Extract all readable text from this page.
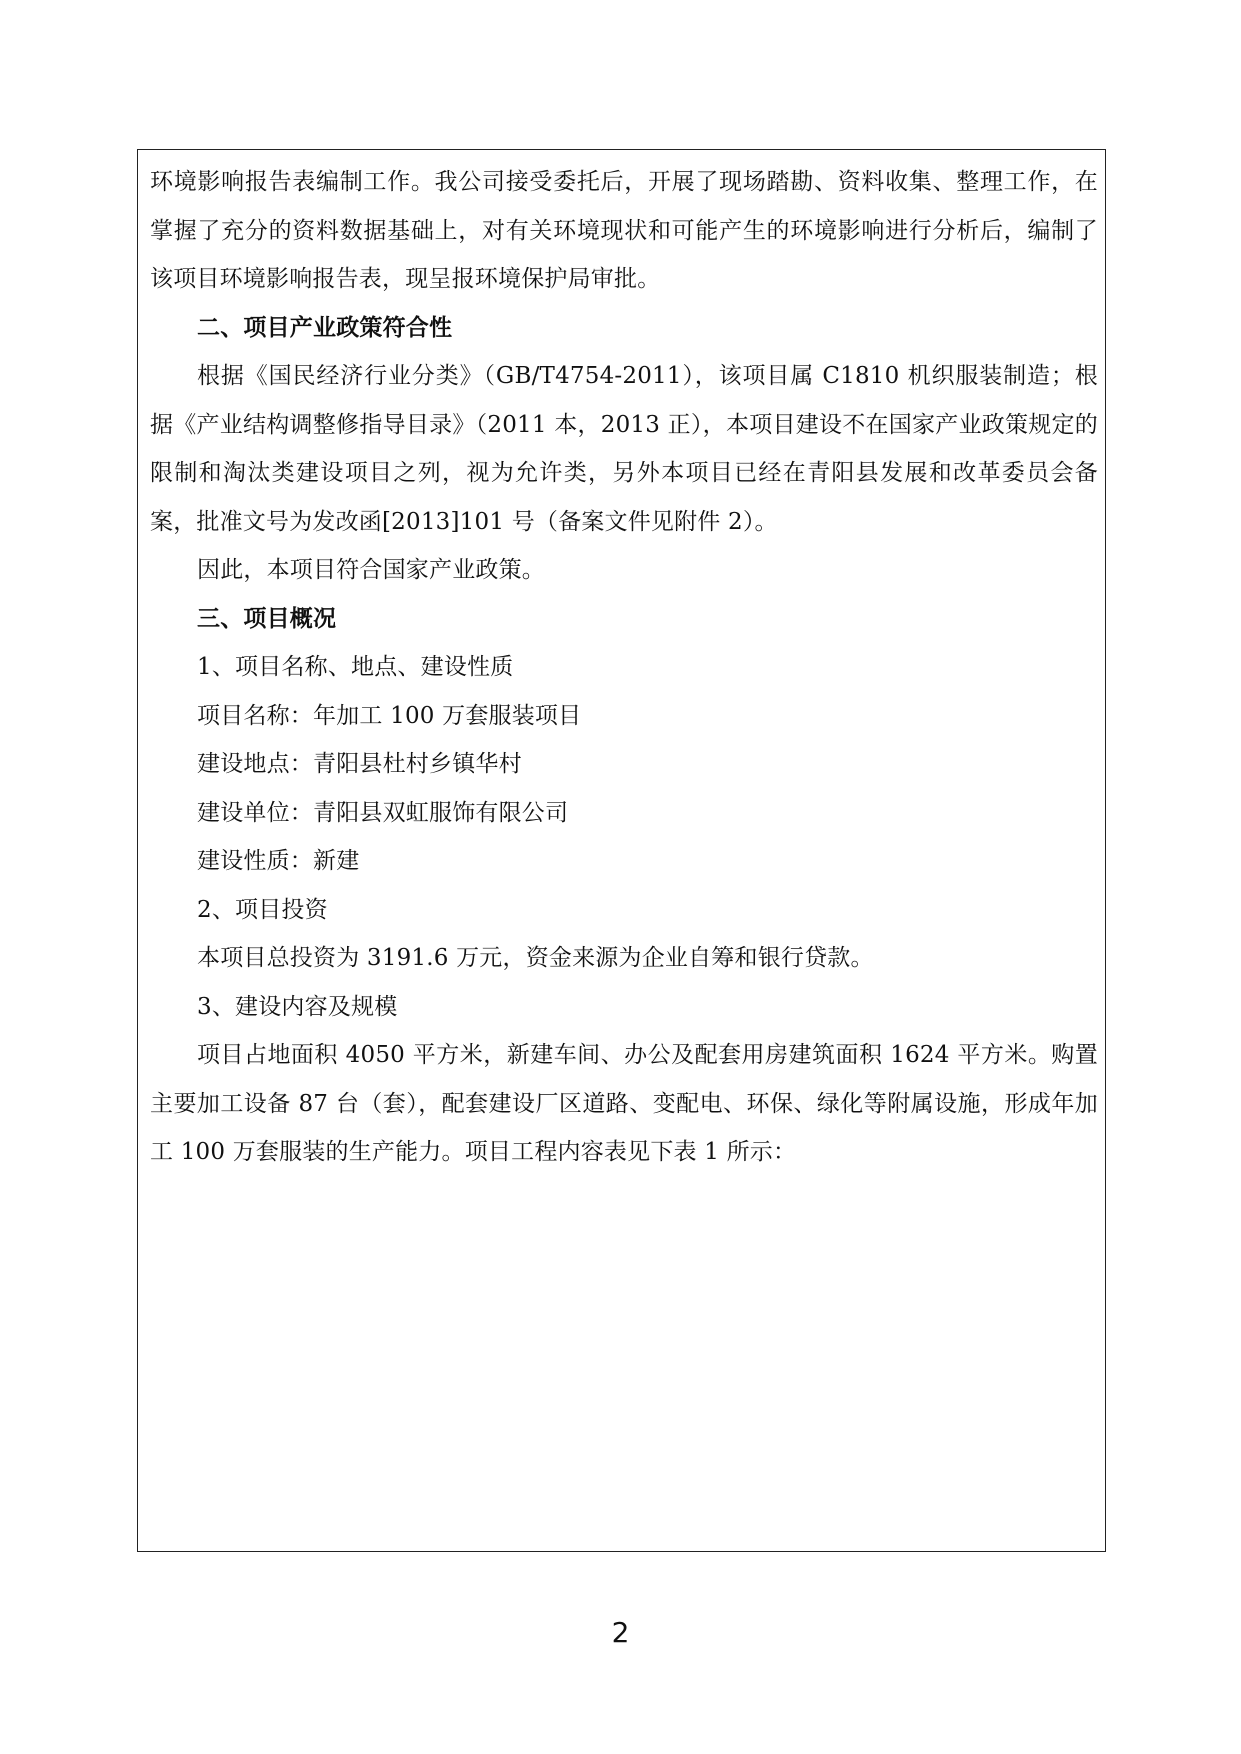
环境影响报告表编制工作。我公司接受委托后，开展了现场踏勘、资料收集、整理工作，在掌握了充分的资料数据基础上，对有关环境现状和可能产生的环境影响进行分析后，编制了该项目环境影响报告表，现呈报环境保护局审批。

二、项目产业政策符合性

根据《国民经济行业分类》（GB/T4754-2011），该项目属 C1810 机织服装制造；根据《产业结构调整修指导目录》（2011 本，2013 正），本项目建设不在国家产业政策规定的限制和淘汰类建设项目之列，视为允许类，另外本项目已经在青阳县发展和改革委员会备案，批准文号为发改函[2013]101 号（备案文件见附件 2）。

因此，本项目符合国家产业政策。

三、项目概况

1、项目名称、地点、建设性质

项目名称：年加工 100 万套服装项目

建设地点：青阳县杜村乡镇华村

建设单位：青阳县双虹服饰有限公司

建设性质：新建

2、项目投资

本项目总投资为 3191.6 万元，资金来源为企业自筹和银行贷款。

3、建设内容及规模

项目占地面积 4050 平方米，新建车间、办公及配套用房建筑面积 1624 平方米。购置主要加工设备 87 台（套），配套建设厂区道路、变配电、环保、绿化等附属设施，形成年加工 100 万套服装的生产能力。项目工程内容表见下表 1 所示：

2
